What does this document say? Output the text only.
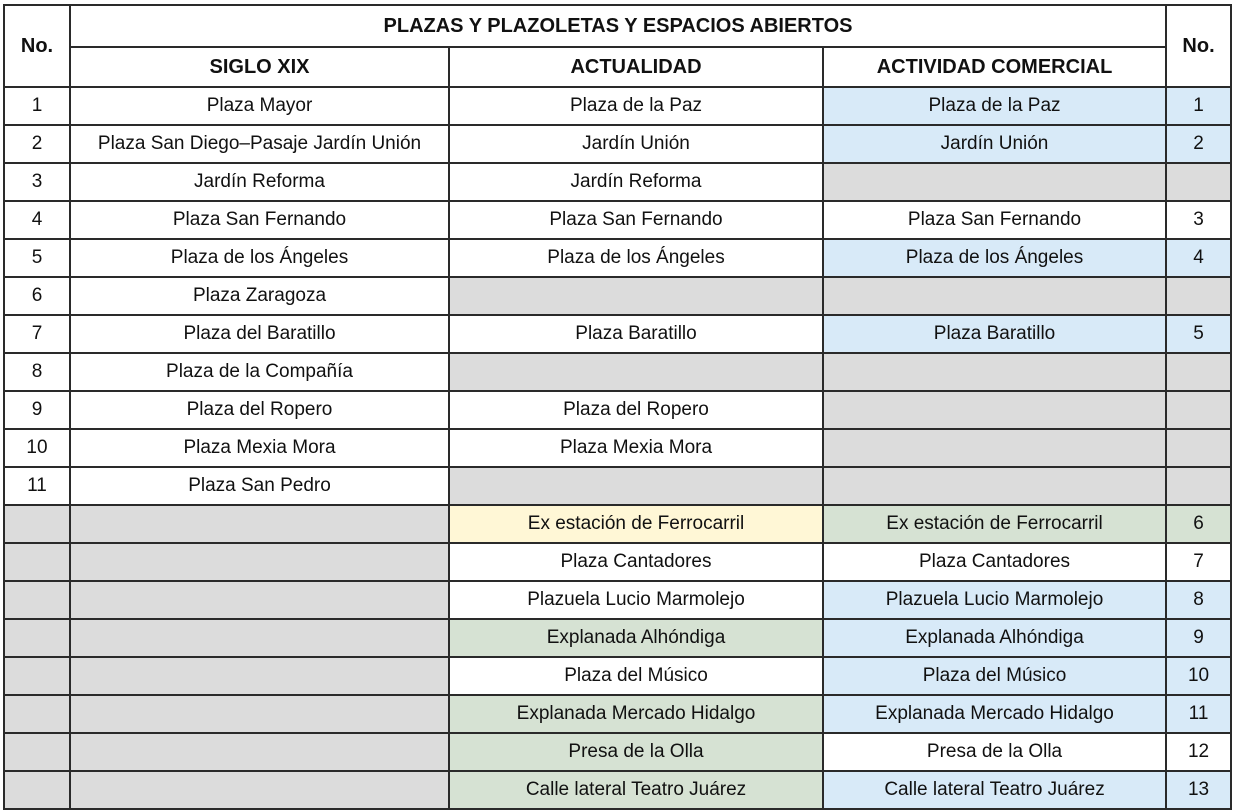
No.	PLAZAS Y PLAZOLETAS Y ESPACIOS ABIERTOS			No.
	SIGLO XIX	ACTUALIDAD	ACTIVIDAD COMERCIAL	
1	Plaza Mayor	Plaza de la Paz	Plaza de la Paz	1
2	Plaza San Diego–Pasaje Jardín Unión	Jardín Unión	Jardín Unión	2
3	Jardín Reforma	Jardín Reforma		
4	Plaza San Fernando	Plaza San Fernando	Plaza San Fernando	3
5	Plaza de los Ángeles	Plaza de los Ángeles	Plaza de los Ángeles	4
6	Plaza Zaragoza			
7	Plaza del Baratillo	Plaza Baratillo	Plaza Baratillo	5
8	Plaza de la Compañía			
9	Plaza del Ropero	Plaza del Ropero		
10	Plaza Mexia Mora	Plaza Mexia Mora		
11	Plaza San Pedro			
		Ex estación de Ferrocarril	Ex estación de Ferrocarril	6
		Plaza Cantadores	Plaza Cantadores	7
		Plazuela Lucio Marmolejo	Plazuela Lucio Marmolejo	8
		Explanada Alhóndiga	Explanada Alhóndiga	9
		Plaza del Músico	Plaza del Músico	10
		Explanada Mercado Hidalgo	Explanada Mercado Hidalgo	11
		Presa de la Olla	Presa de la Olla	12
		Calle lateral Teatro Juárez	Calle lateral Teatro Juárez	13
